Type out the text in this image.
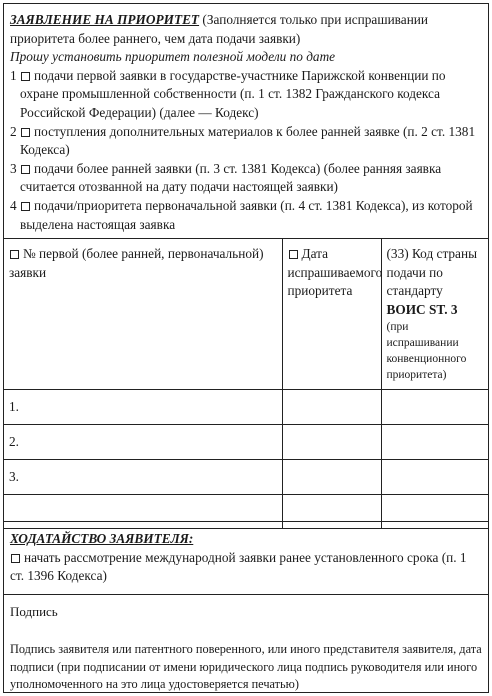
ЗАЯВЛЕНИЕ НА ПРИОРИТЕТ (Заполняется только при испрашивании приоритета более раннего, чем дата подачи заявки)

Прошу установить приоритет полезной модели по дате

1	подачи первой заявки в государстве-участнике Парижской конвенции по охране промышленной собственности (п. 1 ст. 1382 Гражданского кодекса Российской Федерации) (далее — Кодекс)
2	поступления дополнительных материалов к более ранней заявке (п. 2 ст. 1381 Кодекса)
3	подачи более ранней заявки (п. 3 ст. 1381 Кодекса) (более ранняя заявка считается отозванной на дату подачи настоящей заявки)
4	подачи/приоритета первоначальной заявки (п. 4 ст. 1381 Кодекса), из которой выделена настоящая заявка
№ первой (более ранней, первоначальной) заявки	Дата испрашиваемого приоритета	(33) Код страны подачи по стандарту
ВОИС ST. 3
(при испрашивании конвенционного приоритета)

1.		
2.		
3.		

ХОДАТАЙСТВО ЗАЯВИТЕЛЯ:

начать рассмотрение международной заявки ранее установленного срока (п. 1 ст. 1396 Кодекса)

Подпись

Подпись заявителя или патентного поверенного, или иного представителя заявителя, дата подписи (при подписании от имени юридического лица подпись руководителя или иного уполномоченного на это лица удостоверяется печатью)
